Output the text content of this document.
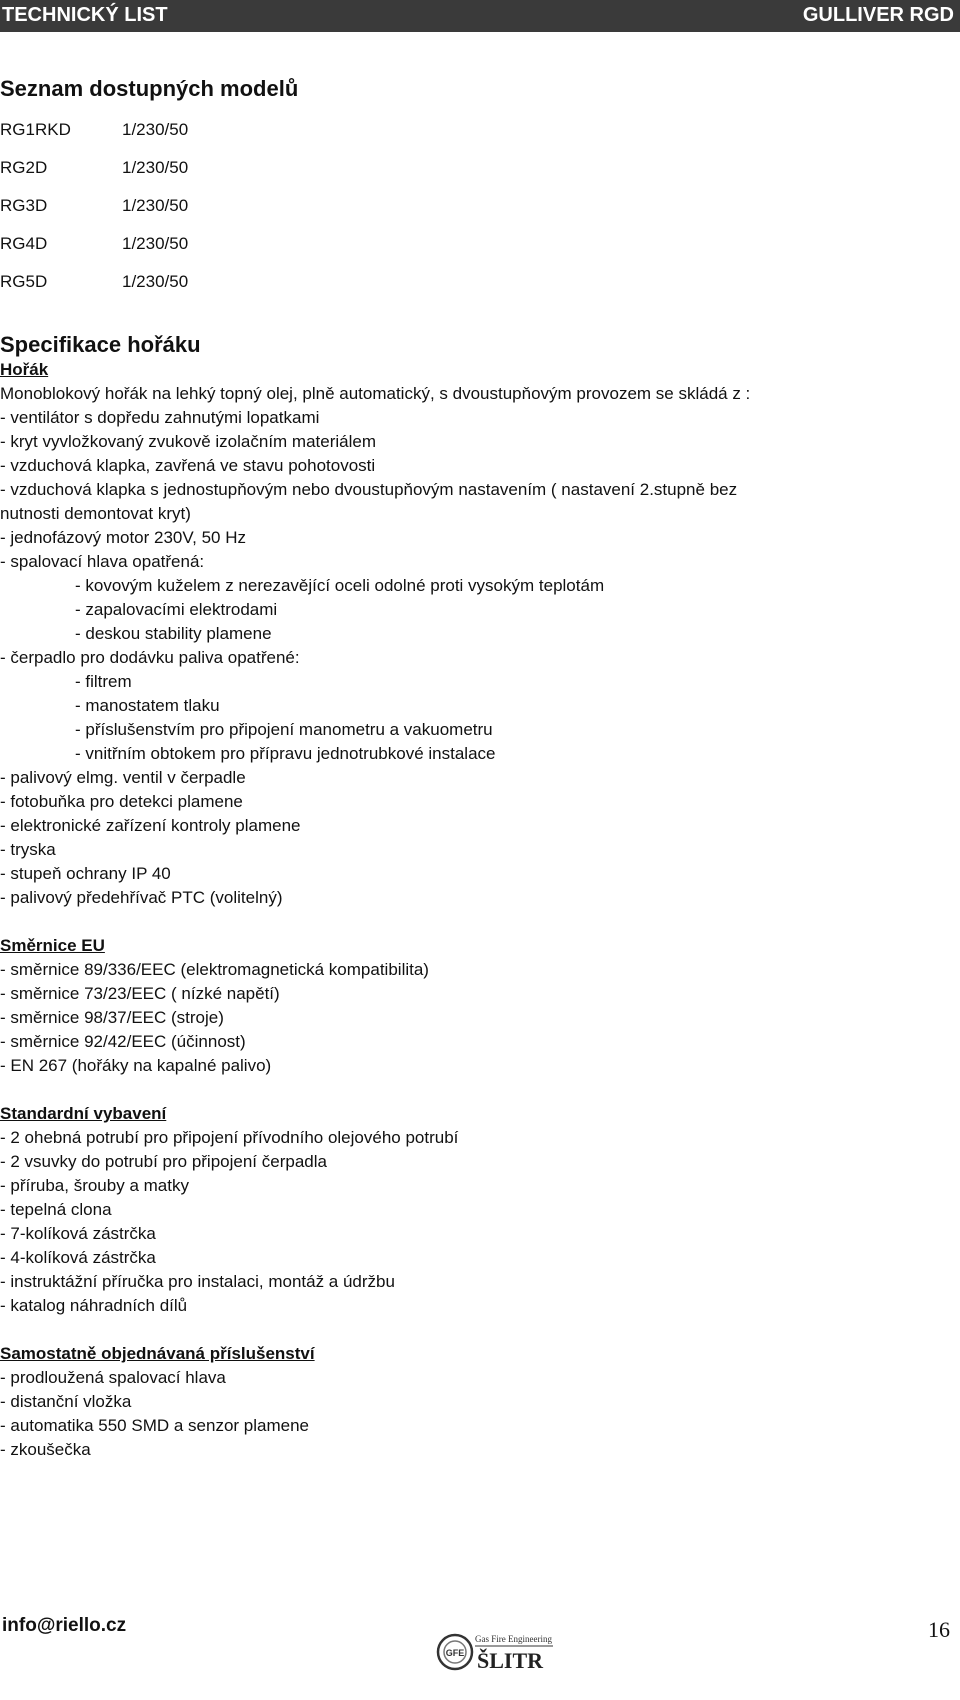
TECHNICKÝ LIST	GULLIVER RGD
Seznam dostupných modelů
RG1RKD	1/230/50
RG2D	1/230/50
RG3D	1/230/50
RG4D	1/230/50
RG5D	1/230/50
Specifikace hořáku
Hořák
Monoblokový hořák na lehký topný olej, plně automatický, s dvoustupňovým provozem se skládá z :
- ventilátor s dopředu zahnutými lopatkami
- kryt vyvložkovaný zvukově izolačním materiálem
- vzduchová klapka, zavřená ve stavu pohotovosti
- vzduchová klapka s jednostupňovým nebo dvoustupňovým nastavením ( nastavení 2.stupně bez
nutnosti demontovat kryt)
- jednofázový motor 230V, 50 Hz
- spalovací hlava opatřená:
- kovovým kuželem z nerezavějící oceli odolné proti vysokým teplotám
- zapalovacími elektrodami
- deskou stability plamene
- čerpadlo pro dodávku paliva opatřené:
- filtrem
- manostatem tlaku
- příslušenstvím pro připojení manometru a vakuometru
- vnitřním obtokem pro přípravu jednotrubkové instalace
- palivový elmg. ventil v čerpadle
- fotobuňka pro detekci plamene
- elektronické zařízení kontroly plamene
- tryska
- stupeň ochrany IP 40
- palivový předehřívač PTC (volitelný)
Směrnice EU
- směrnice 89/336/EEC (elektromagnetická kompatibilita)
- směrnice 73/23/EEC ( nízké napětí)
- směrnice 98/37/EEC (stroje)
- směrnice 92/42/EEC (účinnost)
- EN 267 (hořáky na kapalné palivo)
Standardní vybavení
- 2 ohebná potrubí pro připojení přívodního olejového potrubí
- 2 vsuvky do potrubí pro připojení čerpadla
- příruba, šrouby a matky
- tepelná clona
- 7-kolíková zástrčka
- 4-kolíková zástrčka
- instruktážní příručka pro instalaci, montáž a údržbu
- katalog náhradních dílů
Samostatně objednávaná příslušenství
- prodloužená spalovací hlava
- distanční vložka
- automatika 550 SMD a senzor plamene
- zkoušečka
info@riello.cz	16
GFE
Gas Fire Engineering
ŠLITR
